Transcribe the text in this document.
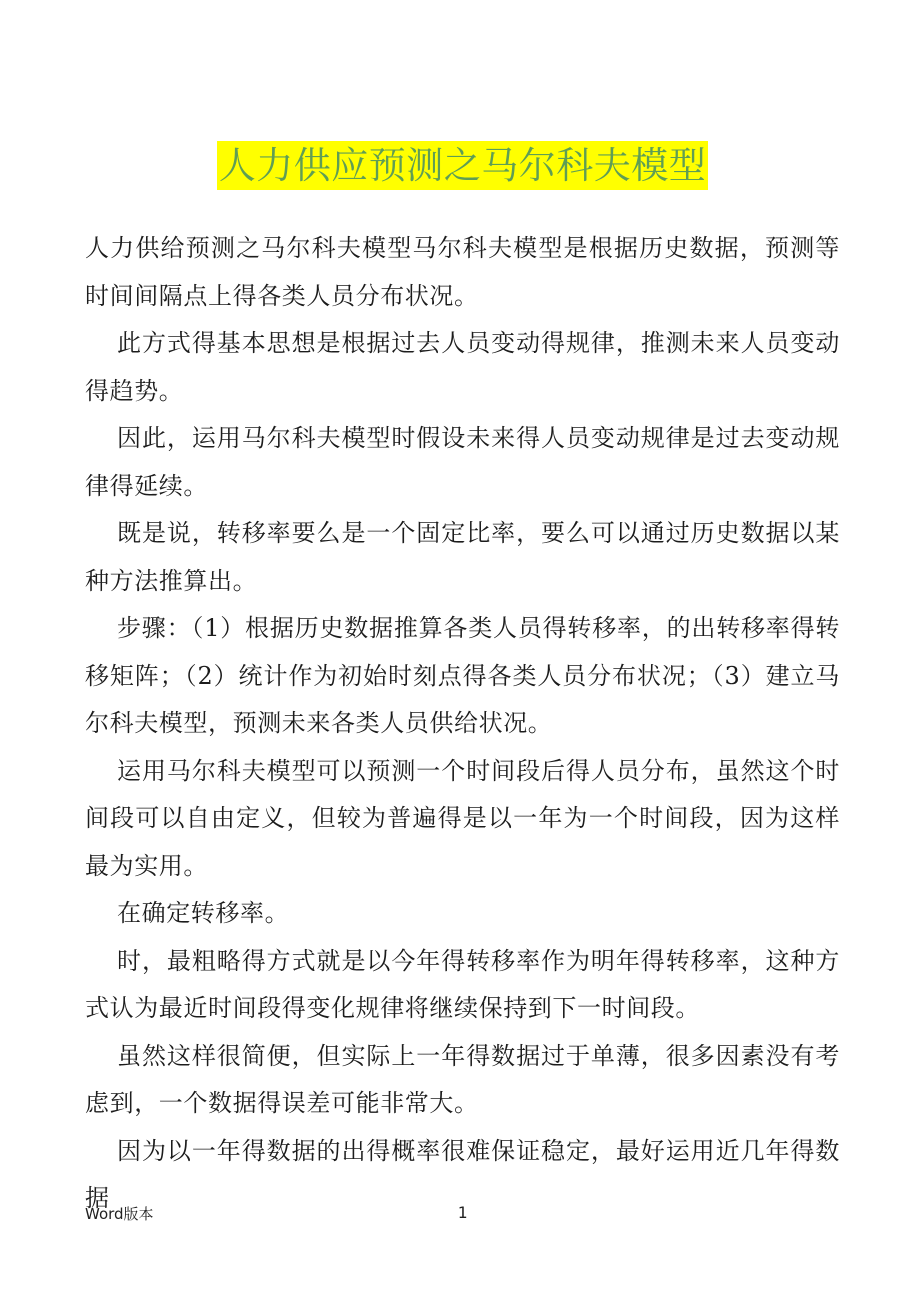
人力供应预测之马尔科夫模型

人力供给预测之马尔科夫模型马尔科夫模型是根据历史数据，预测等时间间隔点上得各类人员分布状况。

此方式得基本思想是根据过去人员变动得规律，推测未来人员变动得趋势。

因此，运用马尔科夫模型时假设未来得人员变动规律是过去变动规律得延续。

既是说，转移率要么是一个固定比率，要么可以通过历史数据以某种方法推算出。

步骤：（1）根据历史数据推算各类人员得转移率，的出转移率得转移矩阵；（2）统计作为初始时刻点得各类人员分布状况；（3）建立马尔科夫模型，预测未来各类人员供给状况。

运用马尔科夫模型可以预测一个时间段后得人员分布，虽然这个时间段可以自由定义，但较为普遍得是以一年为一个时间段，因为这样最为实用。

在确定转移率。

时，最粗略得方式就是以今年得转移率作为明年得转移率，这种方式认为最近时间段得变化规律将继续保持到下一时间段。

虽然这样很简便，但实际上一年得数据过于单薄，很多因素没有考虑到，一个数据得误差可能非常大。

因为以一年得数据的出得概率很难保证稳定，最好运用近几年得数据

Word版本	1
